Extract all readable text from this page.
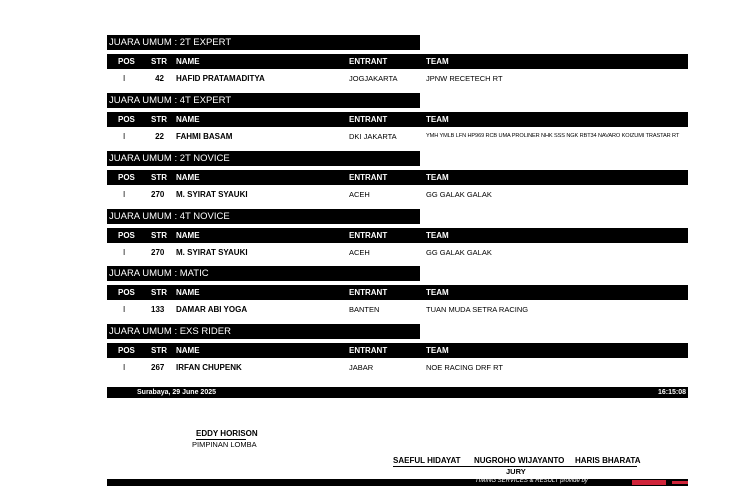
JUARA UMUM : 2T EXPERT
POS STR NAME	ENTRANT	TEAM
I	42 HAFID PRATAMADITYA	JOGJAKARTA	JPNW RECETECH RT
JUARA UMUM : 4T EXPERT
POS STR NAME	ENTRANT	TEAM
I	22 FAHMI BASAM	DKI JAKARTA	YMH YMLB LFN HP969 RCB UMA PROLINER NHK SSS NGK RBT34 NAVARO KOIZUMI TRASTAR RT
JUARA UMUM : 2T NOVICE
POS STR NAME	ENTRANT	TEAM
I	270 M. SYIRAT SYAUKI	ACEH	GG GALAK GALAK
JUARA UMUM : 4T NOVICE
POS STR NAME	ENTRANT	TEAM
I	270 M. SYIRAT SYAUKI	ACEH	GG GALAK GALAK
JUARA UMUM : MATIC
POS STR NAME	ENTRANT	TEAM
I	133 DAMAR ABI YOGA	BANTEN	TUAN MUDA SETRA RACING
JUARA UMUM : EXS RIDER
POS STR NAME	ENTRANT	TEAM
I	267 IRFAN CHUPENK	JABAR	NOE RACING DRF RT
Surabaya, 29 June 2025	16:15:08
EDDY HORISON
PIMPINAN LOMBA
SAEFUL HIDAYAT NUGROHO WIJAYANTO HARIS BHARATA
JURY
TIMING SERVICES & RESULT provide by
